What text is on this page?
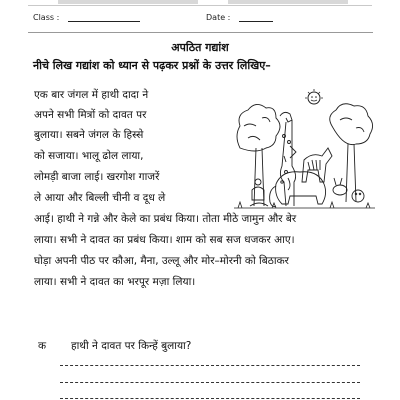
Class :	Date :
अपठित गद्यांश
नीचे लिख गद्यांश को ध्यान से पढ़कर प्रश्नों के उत्तर लिखिए–
एक बार जंगल में हाथी दादा ने
अपने सभी मित्रों को दावत पर
बुलाया। सबने जंगल के हिस्से
को सजाया। भालू ढोल लाया,
लोमड़ी बाजा लाई। खरगोश गाजरें
ले आया और बिल्ली चीनी व दूध ले
आई। हाथी ने गन्ने और केले का प्रबंध किया। तोता मीठे जामुन और बेर
लाया। सभी ने दावत का प्रबंध किया। शाम को सब सज धजकर आए।
घोड़ा अपनी पीठ पर कौआ, मैना, उल्लू और मोर–मोरनी को बिठाकर
लाया। सभी ने दावत का भरपूर मज़ा लिया।
क हाथी ने दावत पर किन्हें बुलाया?
